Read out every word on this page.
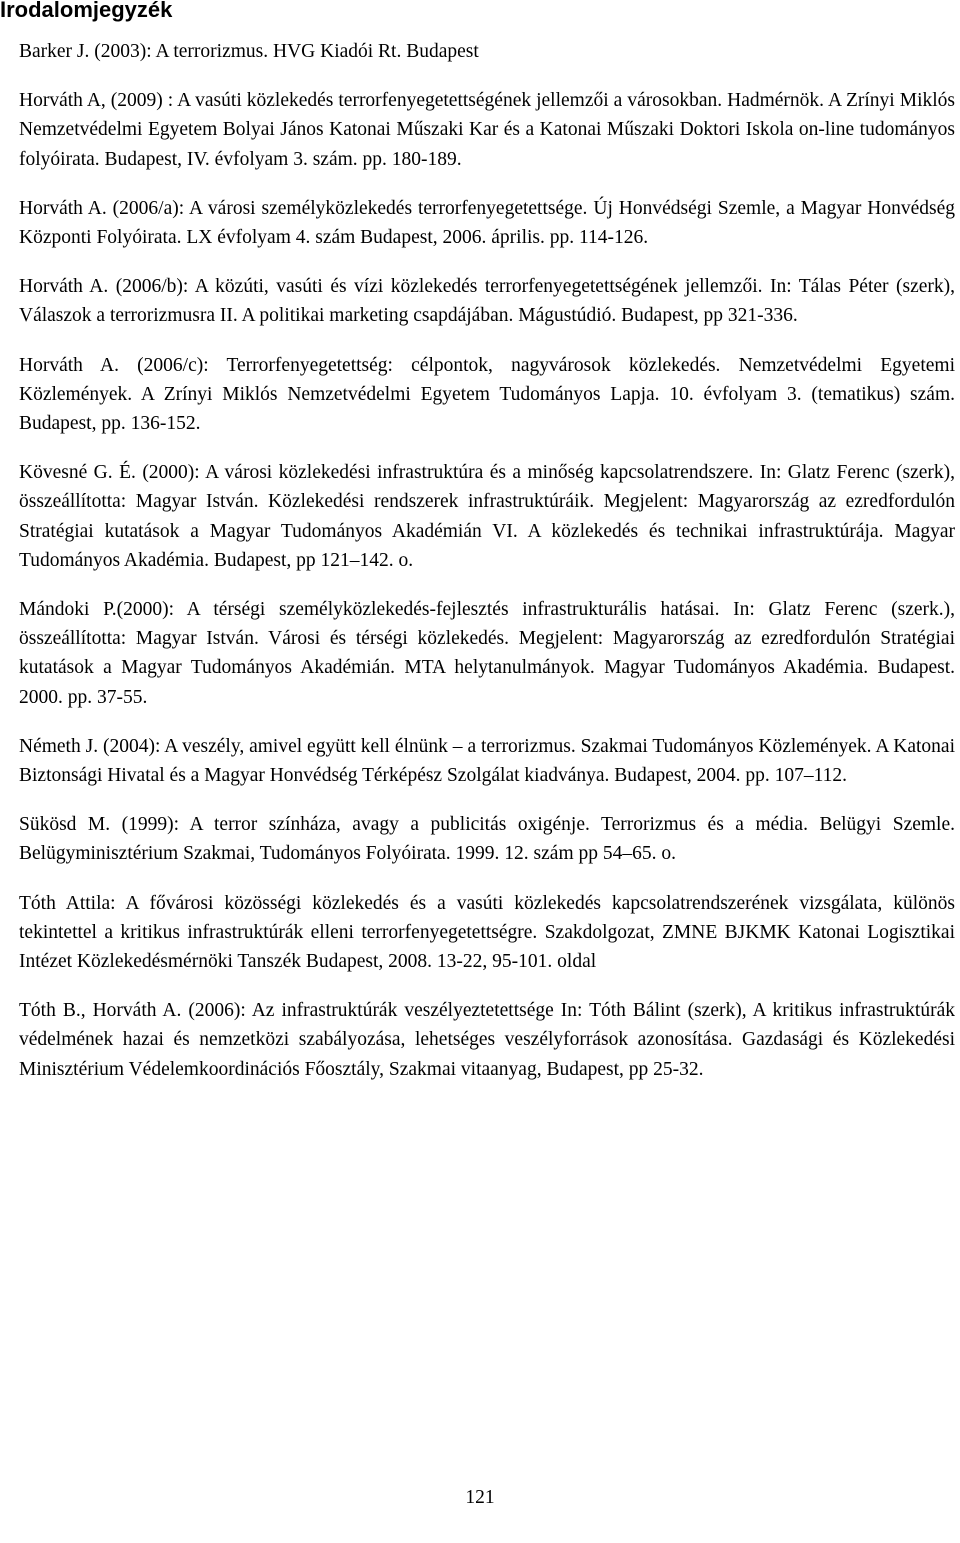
Irodalomjegyzék

Barker J. (2003): A terrorizmus. HVG Kiadói Rt. Budapest

Horváth A, (2009) : A vasúti közlekedés terrorfenyegetettségének jellemzői a városokban. Hadmérnök. A Zrínyi Miklós Nemzetvédelmi Egyetem Bolyai János Katonai Műszaki Kar és a Katonai Műszaki Doktori Iskola on-line tudományos folyóirata. Budapest, IV. évfolyam 3. szám. pp. 180-189.

Horváth A. (2006/a): A városi személyközlekedés terrorfenyegetettsége. Új Honvédségi Szemle, a Magyar Honvédség Központi Folyóirata. LX évfolyam 4. szám Budapest, 2006. április. pp. 114-126.

Horváth A. (2006/b): A közúti, vasúti és vízi közlekedés terrorfenyegetettségének jellemzői. In: Tálas Péter (szerk), Válaszok a terrorizmusra II. A politikai marketing csapdájában. Mágustúdió. Budapest, pp 321-336.

Horváth A. (2006/c): Terrorfenyegetettség: célpontok, nagyvárosok közlekedés. Nemzetvédelmi Egyetemi Közlemények. A Zrínyi Miklós Nemzetvédelmi Egyetem Tudományos Lapja. 10. évfolyam 3. (tematikus) szám. Budapest, pp. 136-152.

Kövesné G. É. (2000): A városi közlekedési infrastruktúra és a minőség kapcsolatrendszere. In: Glatz Ferenc (szerk), összeállította: Magyar István. Közlekedési rendszerek infrastruktúráik. Megjelent: Magyarország az ezredfordulón Stratégiai kutatások a Magyar Tudományos Akadémián VI. A közlekedés és technikai infrastruktúrája. Magyar Tudományos Akadémia. Budapest, pp 121–142. o.

Mándoki P.(2000): A térségi személyközlekedés-fejlesztés infrastrukturális hatásai. In: Glatz Ferenc (szerk.), összeállította: Magyar István. Városi és térségi közlekedés. Megjelent: Magyarország az ezredfordulón Stratégiai kutatások a Magyar Tudományos Akadémián. MTA helytanulmányok. Magyar Tudományos Akadémia. Budapest. 2000. pp. 37-55.

Németh J. (2004): A veszély, amivel együtt kell élnünk – a terrorizmus. Szakmai Tudományos Közlemények. A Katonai Biztonsági Hivatal és a Magyar Honvédség Térképész Szolgálat kiadványa. Budapest, 2004. pp. 107–112.

Sükösd M. (1999): A terror színháza, avagy a publicitás oxigénje. Terrorizmus és a média. Belügyi Szemle. Belügyminisztérium Szakmai, Tudományos Folyóirata. 1999. 12. szám pp 54–65. o.

Tóth Attila: A fővárosi közösségi közlekedés és a vasúti közlekedés kapcsolatrendszerének vizsgálata, különös tekintettel a kritikus infrastruktúrák elleni terrorfenyegetettségre. Szakdolgozat, ZMNE BJKMK Katonai Logisztikai Intézet Közlekedésmérnöki Tanszék Budapest, 2008. 13-22, 95-101. oldal

Tóth B., Horváth A. (2006): Az infrastruktúrák veszélyeztetettsége In: Tóth Bálint (szerk), A kritikus infrastruktúrák védelmének hazai és nemzetközi szabályozása, lehetséges veszélyforrások azonosítása. Gazdasági és Közlekedési Minisztérium Védelemkoordinációs Főosztály, Szakmai vitaanyag, Budapest, pp 25-32.

121
